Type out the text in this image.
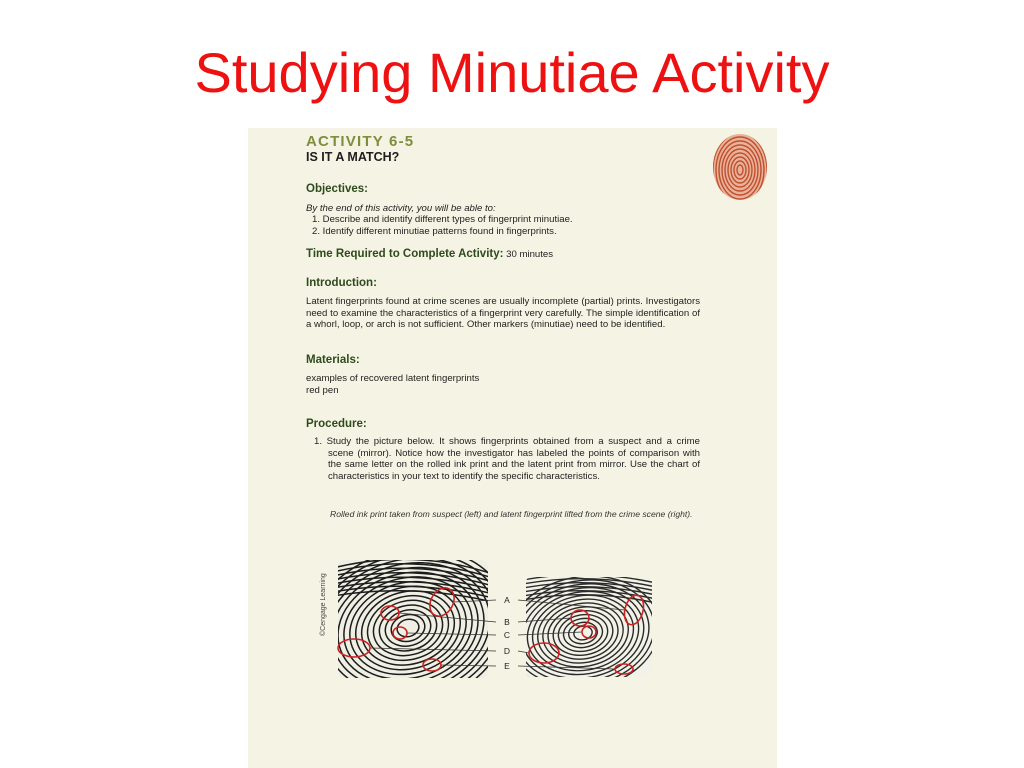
Studying Minutiae Activity
ACTIVITY 6-5
IS IT A MATCH?
Objectives:
By the end of this activity, you will be able to:
1. Describe and identify different types of fingerprint minutiae.
2. Identify different minutiae patterns found in fingerprints.
Time Required to Complete Activity: 30 minutes
Introduction:
Latent fingerprints found at crime scenes are usually incomplete (partial) prints. Investigators need to examine the characteristics of a fingerprint very carefully. The simple identification of a whorl, loop, or arch is not sufficient. Other markers (minutiae) need to be identified.
Materials:
examples of recovered latent fingerprints
red pen
Procedure:
1. Study the picture below. It shows fingerprints obtained from a suspect and a crime scene (mirror). Notice how the investigator has labeled the points of comparison with the same letter on the rolled ink print and the latent print from mirror. Use the chart of characteristics in your text to identify the specific characteristics.
Rolled ink print taken from suspect (left) and latent fingerprint lifted from the crime scene (right).
©Cengage Learning	A
B
C
D
E
